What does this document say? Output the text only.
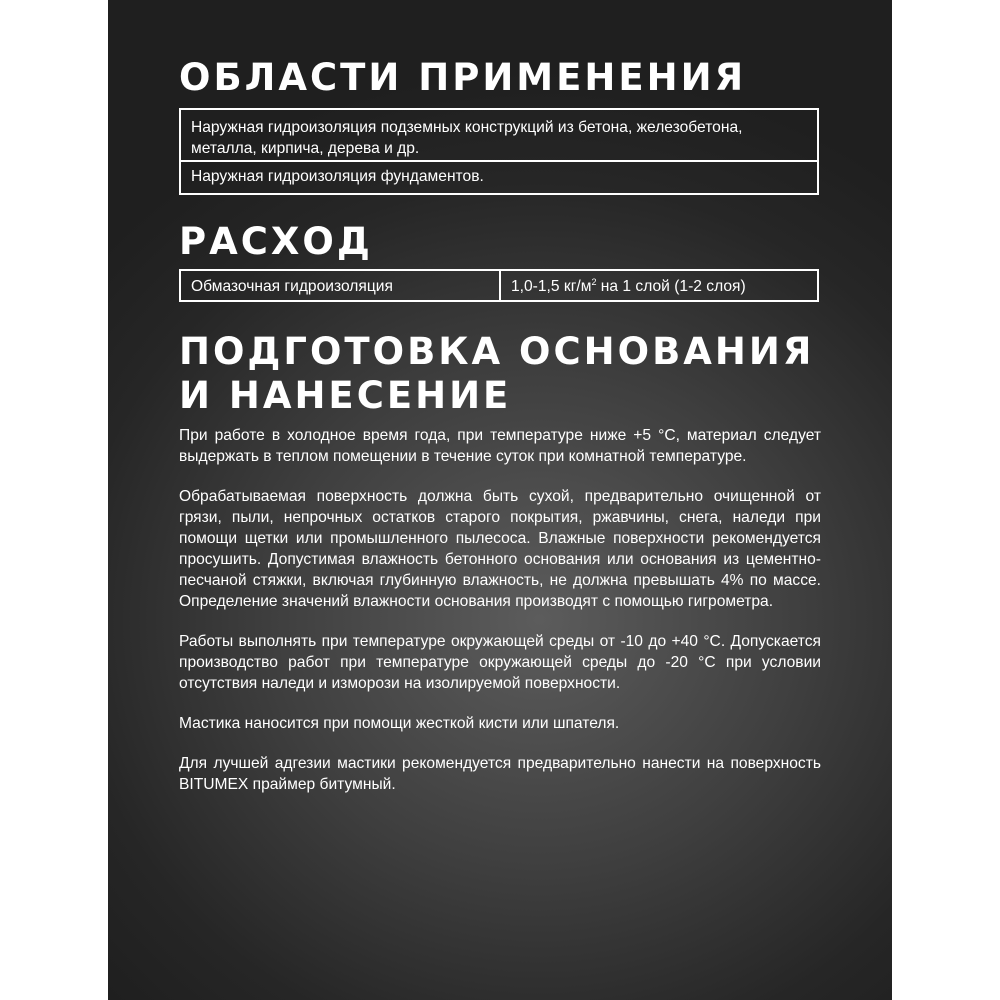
ОБЛАСТИ ПРИМЕНЕНИЯ
Наружная гидроизоляция подземных конструкций из бетона, железобетона, металла, кирпича, дерева и др.
Наружная гидроизоляция фундаментов.
РАСХОД
Обмазочная гидроизоляция	1,0-1,5 $кг/м^2$ на 1 слой (1-2 слоя)
ПОДГОТОВКА ОСНОВАНИЯ
И НАНЕСЕНИЕ

При работе в холодное время года, при температуре ниже +5 °С, материал следует выдержать в теплом помещении в течение суток при комнатной температуре.

Обрабатываемая поверхность должна быть сухой, предварительно очищенной от грязи, пыли, непрочных остатков старого покрытия, ржавчины, снега, наледи при помощи щетки или промышленного пылесоса. Влажные поверхности рекомендуется просушить. Допустимая влажность бетонного основания или основания из цементно-песчаной стяжки, включая глубинную влажность, не должна превышать 4% по массе. Определение значений влажности основания производят с помощью гигрометра.

Работы выполнять при температуре окружающей среды от -10 до +40 °С. Допускается производство работ при температуре окружающей среды до -20 °С при условии отсутствия наледи и изморози на изолируемой поверхности.

Мастика наносится при помощи жесткой кисти или шпателя.

Для лучшей адгезии мастики рекомендуется предварительно нанести на поверхность BITUMEX праймер битумный.
